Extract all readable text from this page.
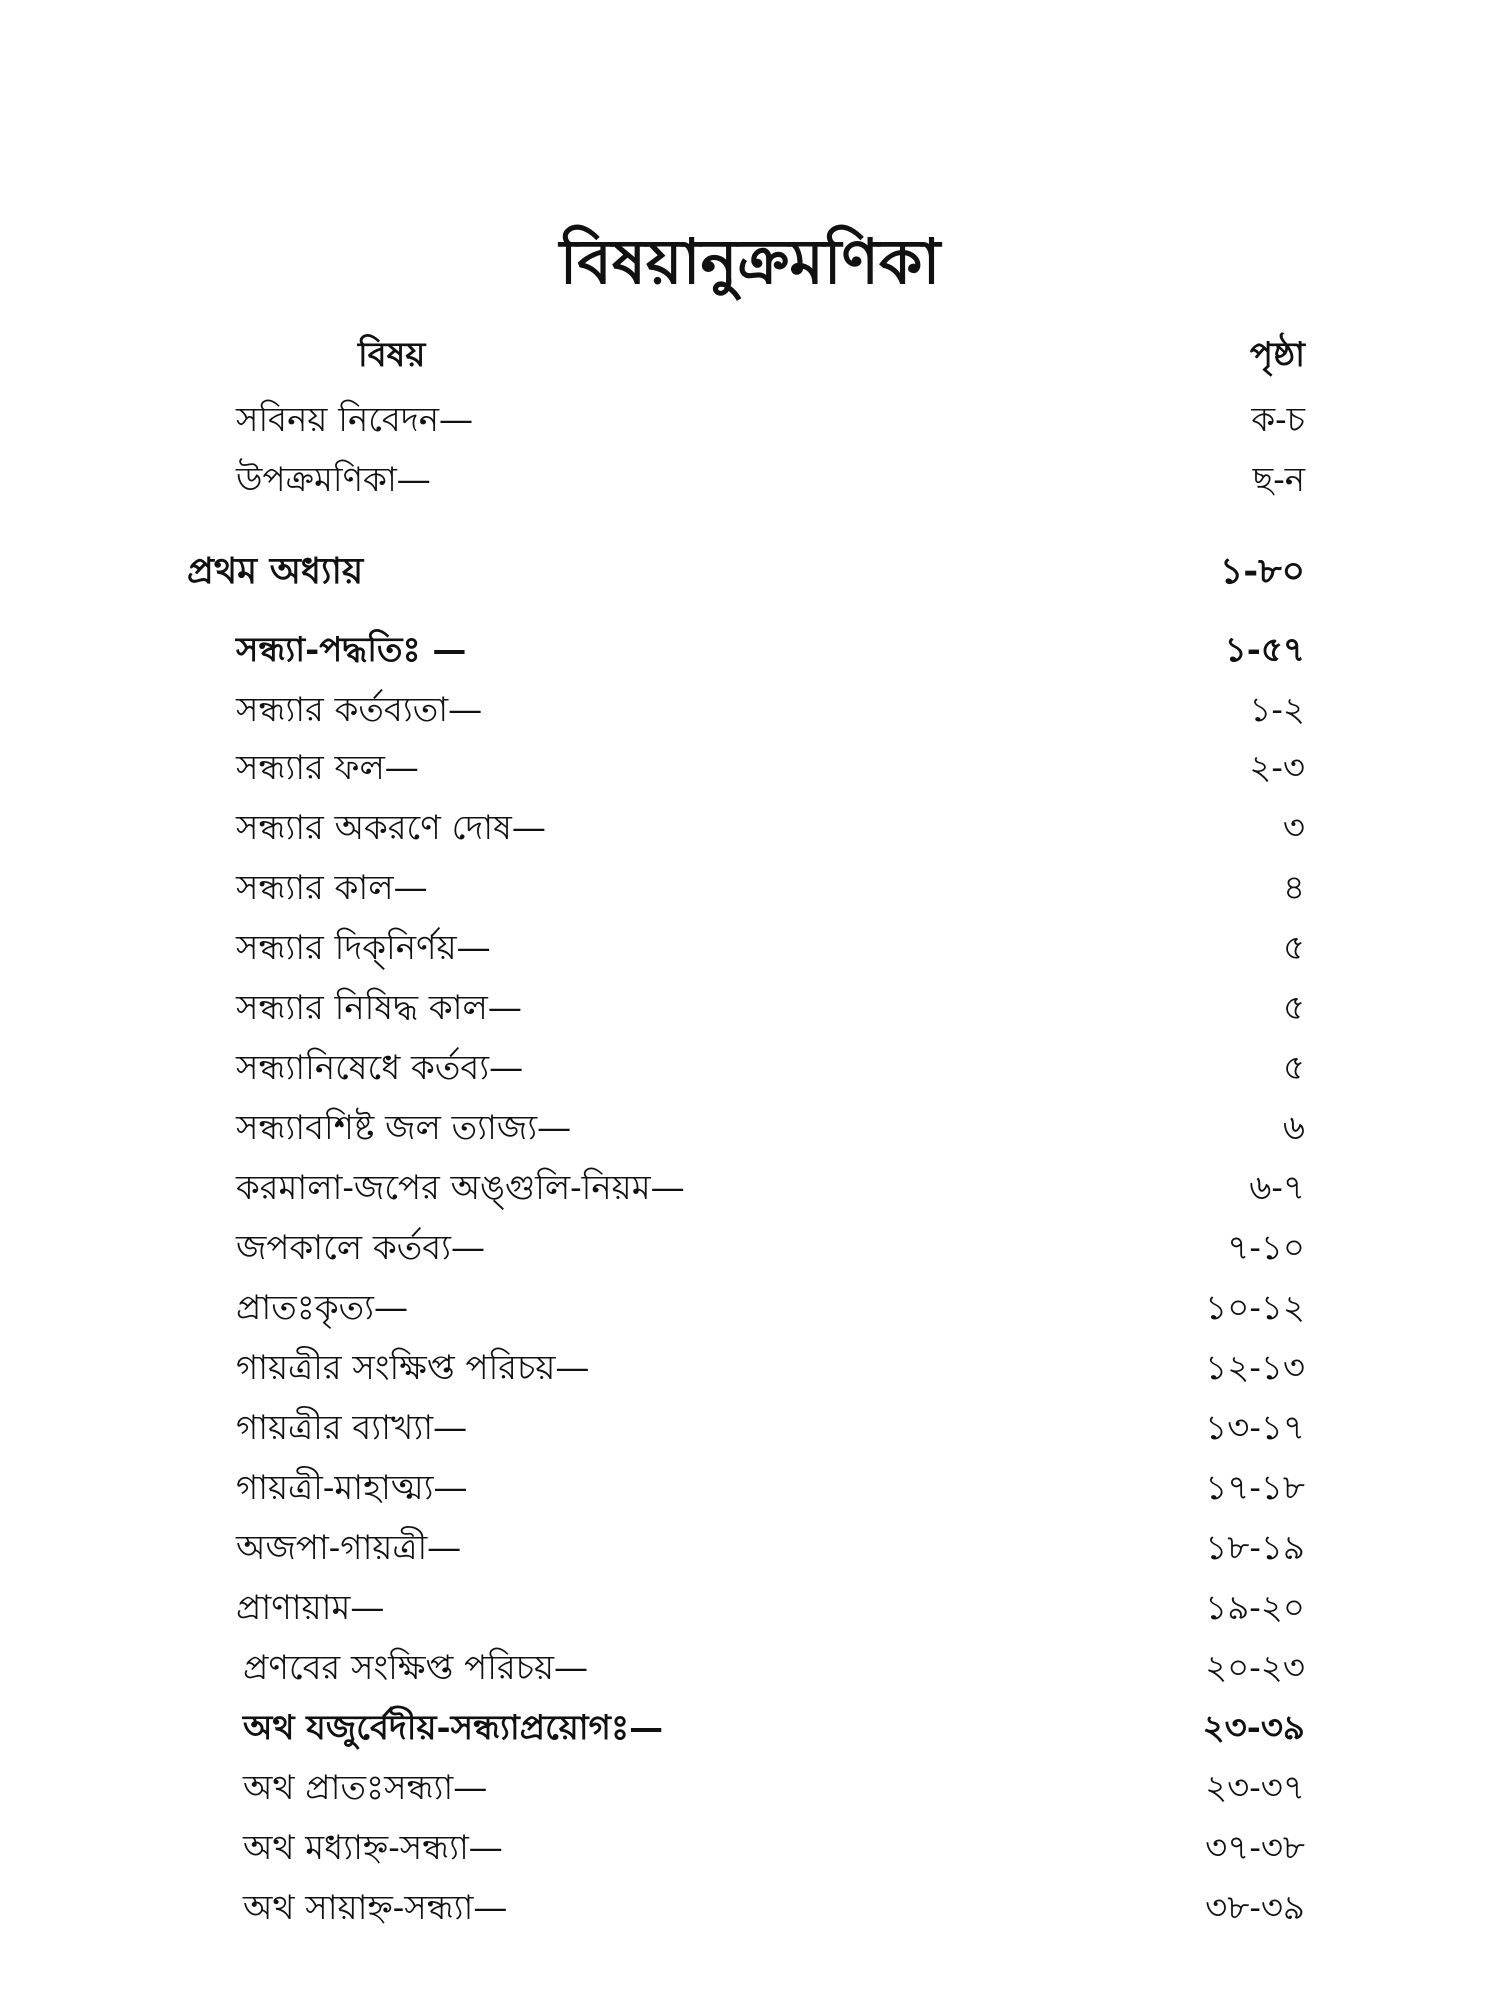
বিষয়ানুক্রমণিকা
বিষয়	পৃষ্ঠা
সবিনয় নিবেদন—	ক-চ
উপক্রমণিকা—	ছ-ন
প্রথম অধ্যায়	১-৮০
সন্ধ্যা-পদ্ধতিঃ —	১-৫৭
সন্ধ্যার কর্তব্যতা—	১-২
সন্ধ্যার ফল—	২-৩
সন্ধ্যার অকরণে দোষ—	৩
সন্ধ্যার কাল—	৪
সন্ধ্যার দিক্‌নির্ণয়—	৫
সন্ধ্যার নিষিদ্ধ কাল—	৫
সন্ধ্যানিষেধে কর্তব্য—	৫
সন্ধ্যাবশিষ্ট জল ত্যাজ্য—	৬
করমালা-জপের অঙ্গুলি-নিয়ম—	৬-৭
জপকালে কর্তব্য—	৭-১০
প্রাতঃকৃত্য—	১০-১২
গায়ত্রীর সংক্ষিপ্ত পরিচয়—	১২-১৩
গায়ত্রীর ব্যাখ্যা—	১৩-১৭
গায়ত্রী-মাহাত্ম্য—	১৭-১৮
অজপা-গায়ত্রী—	১৮-১৯
প্রাণায়াম—	১৯-২০
প্রণবের সংক্ষিপ্ত পরিচয়—	২০-২৩
অথ যজুর্বেদীয়-সন্ধ্যাপ্রয়োগঃ—	২৩-৩৯
অথ প্রাতঃসন্ধ্যা—	২৩-৩৭
অথ মধ্যাহ্ন-সন্ধ্যা—	৩৭-৩৮
অথ সায়াহ্ন-সন্ধ্যা—	৩৮-৩৯
